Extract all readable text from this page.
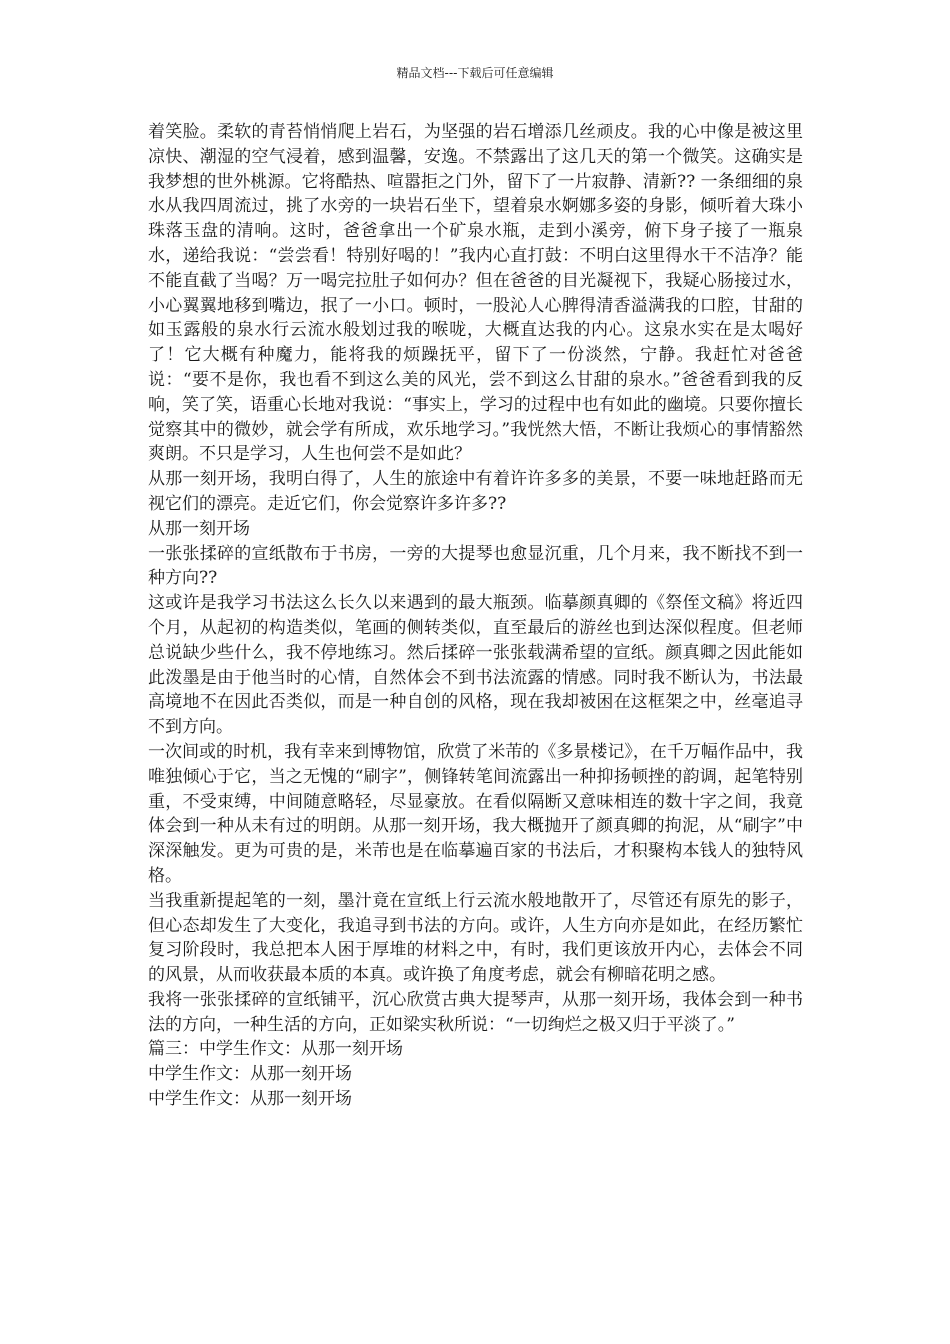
精品文档---下载后可任意编辑

着笑脸。柔软的青苔悄悄爬上岩石，为坚强的岩石增添几丝顽皮。我的心中像是被这里凉快、潮湿的空气浸着，感到温馨，安逸。不禁露出了这几天的第一个微笑。这确实是我梦想的世外桃源。它将酷热、喧嚣拒之门外，留下了一片寂静、清新?? 一条细细的泉水从我四周流过，挑了水旁的一块岩石坐下，望着泉水婀娜多姿的身影，倾听着大珠小珠落玉盘的清响。这时，爸爸拿出一个矿泉水瓶，走到小溪旁，俯下身子接了一瓶泉水，递给我说：“尝尝看！特别好喝的！”我内心直打鼓：不明白这里得水干不洁净？能不能直截了当喝？万一喝完拉肚子如何办？但在爸爸的目光凝视下，我疑心肠接过水，小心翼翼地移到嘴边，抿了一小口。顿时，一股沁人心脾得清香溢满我的口腔，甘甜的如玉露般的泉水行云流水般划过我的喉咙，大概直达我的内心。这泉水实在是太喝好了！它大概有种魔力，能将我的烦躁抚平，留下了一份淡然，宁静。我赶忙对爸爸说：“要不是你，我也看不到这么美的风光，尝不到这么甘甜的泉水。”爸爸看到我的反响，笑了笑，语重心长地对我说：“事实上，学习的过程中也有如此的幽境。只要你擅长觉察其中的微妙，就会学有所成，欢乐地学习。”我恍然大悟，不断让我烦心的事情豁然爽朗。不只是学习，人生也何尝不是如此？

从那一刻开场，我明白得了，人生的旅途中有着许许多多的美景，不要一味地赶路而无视它们的漂亮。走近它们，你会觉察许多许多??

从那一刻开场

一张张揉碎的宣纸散布于书房，一旁的大提琴也愈显沉重，几个月来，我不断找不到一种方向??

这或许是我学习书法这么长久以来遇到的最大瓶颈。临摹颜真卿的《祭侄文稿》将近四个月，从起初的构造类似，笔画的侧转类似，直至最后的游丝也到达深似程度。但老师总说缺少些什么，我不停地练习。然后揉碎一张张载满希望的宣纸。颜真卿之因此能如此泼墨是由于他当时的心情，自然体会不到书法流露的情感。同时我不断认为，书法最高境地不在因此否类似，而是一种自创的风格，现在我却被困在这框架之中，丝毫追寻不到方向。

一次间或的时机，我有幸来到博物馆，欣赏了米芾的《多景楼记》，在千万幅作品中，我唯独倾心于它，当之无愧的“刷字”，侧锋转笔间流露出一种抑扬顿挫的韵调，起笔特别重，不受束缚，中间随意略轻，尽显豪放。在看似隔断又意味相连的数十字之间，我竟体会到一种从未有过的明朗。从那一刻开场，我大概抛开了颜真卿的拘泥，从“刷字”中深深触发。更为可贵的是，米芾也是在临摹遍百家的书法后，才积聚构本钱人的独特风格。

当我重新提起笔的一刻，墨汁竟在宣纸上行云流水般地散开了，尽管还有原先的影子，但心态却发生了大变化，我追寻到书法的方向。或许，人生方向亦是如此，在经历繁忙复习阶段时，我总把本人困于厚堆的材料之中，有时，我们更该放开内心，去体会不同的风景，从而收获最本质的本真。或许换了角度考虑，就会有柳暗花明之感。

我将一张张揉碎的宣纸铺平，沉心欣赏古典大提琴声，从那一刻开场，我体会到一种书法的方向，一种生活的方向，正如梁实秋所说：“一切绚烂之极又归于平淡了。”

篇三：中学生作文：从那一刻开场

中学生作文：从那一刻开场

中学生作文：从那一刻开场
